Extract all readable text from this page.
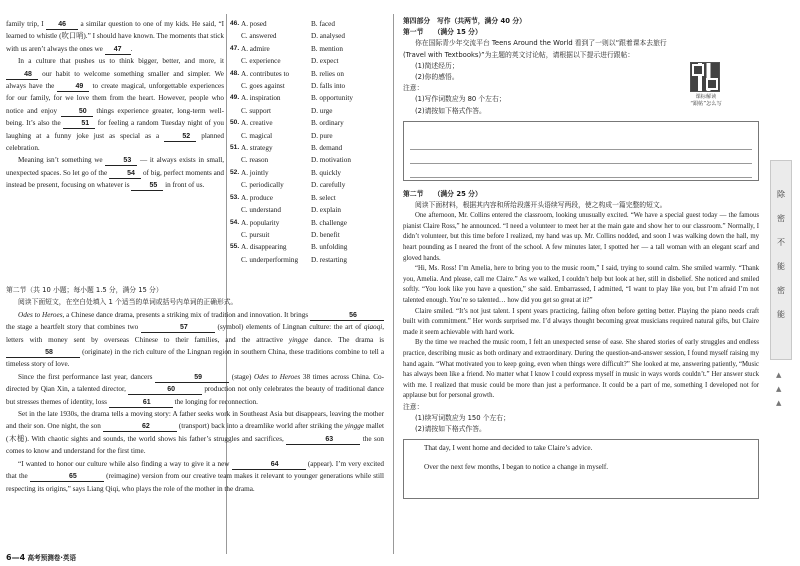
family trip, I 46 a similar question to one of my kids. He said, “I learned to whistle (吹口哨).” I should have known. The moments that stick with us aren’t always the ones we 47 .

In a culture that pushes us to think bigger, better, and more, it 48 our habit to welcome something smaller and simpler. We always have the	49 to create magical, unforgettable experiences for our family, for we love them from the heart. However, people who notice and enjoy	50 things experience greater, long-term well-being. It’s also the	51 for feeling a random Tuesday night of you laughing at a funny joke just as special as a	52 planned celebration.

Meaning isn’t something we	53 — it always exists in small, unexpected spaces. So let go of the	54 of big, perfect moments and instead be present, focusing on whatever is	55 in front of us.

46. A. posed	B. faced
C. answered	D. analysed
47. A. admire	B. mention
C. experience	D. expect
48. A. contributes to	B. relies on
C. goes against	D. falls into
49. A. inspiration	B. opportunity
C. support	D. urge
50. A. creative	B. ordinary
C. magical	D. pure
51. A. strategy	B. demand
C. reason	D. motivation
52. A. jointly	B. quickly
C. periodically	D. carefully
53. A. produce	B. select
C. understand	D. explain
54. A. popularity	B. challenge
C. pursuit	D. benefit
55. A. disappearing	B. unfolding
C. underperforming	D. restarting
第二节（共 10 小题；每小题 1.5 分，满分 15 分）
阅读下面短文，在空白处填入 1 个适当的单词或括号内单词的正确形式。

Odes to Heroes, a Chinese dance drama, presents a striking mix of tradition and innovation. It brings	56 the stage a heartfelt story that combines two	57	(symbol) elements of Lingnan culture: the art of qiaoqi, letters with money sent by overseas Chinese to their families, and the attractive yingge dance. The drama is 58	(originate) in the rich culture of the Lingnan region in southern China, these traditions combine to tell a timeless story of love.

Since the first performance last year, dancers	59	(stage) Odes to Heroes 38 times across China. Co-directed by Qian Xin, a talented director,	60	production not only celebrates the beauty of traditional dance but stresses themes of identity, loss	61	the longing for reconnection.

Set in the late 1930s, the drama tells a moving story: A father seeks work in Southeast Asia but disappears, leaving the mother and their son. One night, the son	62	(transport) back into a dreamlike world after striking the yingge mallet (木槌). With chaotic sights and sounds, the world shows his father’s struggles and sacrifices,	63	the son comes to know and understand for the first time.

“I wanted to honor our culture while also finding a way to give it a new	64	(appear). I’m very excited that the	65	(reimagine) version from our creative team makes it relevant to younger generations while still respecting its origins,” says Liang Qiqi, who plays the role of the mother in the drama.

第四部分　写作（共两节，满分 40 分）
第一节　　（满分 15 分）
你在国际青少年交流平台 Teens Around the World 看到了一则以“跟着课本去旅行 (Travel with Textbooks)”为主题的英文讨论帖，请根据以下提示进行跟帖：
(1)简述经历；
(2)你的感悟。
注意：
(1)写作词数应为 80 个左右；
(2)请按如下格式作答。
第二节　　（满分 25 分）
阅读下面材料，根据其内容和所给段落开头语续写两段，使之构成一篇完整的短文。

One afternoon, Mr. Collins entered the classroom, looking unusually excited. “We have a special guest today — the famous pianist Claire Ross,” he announced. “I need a volunteer to meet her at the main gate and show her to our classroom.” Normally, I didn’t volunteer, but this time before I realized, my hand was up. Mr. Collins nodded, and soon I was walking down the hall, my heart pounding as I neared the front of the school. A few minutes later, I spotted her — a tall woman with an elegant scarf and gloved hands.

“Hi, Ms. Ross! I’m Amelia, here to bring you to the music room,” I said, trying to sound calm. She smiled warmly. “Thank you, Amelia. And please, call me Claire.” As we walked, I couldn’t help but look at her, still in disbelief. She noticed and smiled softly. “You look like you have a question,” she said. Embarrassed, I admitted, “I want to play like you, but I’m afraid I’m not talented enough. You’re so talented… how did you get so great at it?”

Claire smiled. “It’s not just talent. I spent years practicing, failing often before getting better. Playing the piano needs craft built with commitment.” Her words surprised me. I’d always thought becoming great musicians required natural gifts, but Claire made it seem achievable with hard work.

By the time we reached the music room, I felt an unexpected sense of ease. She shared stories of early struggles and endless practice, describing music as both ordinary and extraordinary. During the question-and-answer session, I found myself raising my hand again. “What motivated you to keep going, even when things were difficult?” She looked at me, answering patiently, “Music has always been like a friend. No matter what I know I could express myself in music in ways words couldn’t.” Her answer stuck with me. I realized that music could be more than just a performance. It could be a part of me, something I developed not for applause but for personal growth.

注意：
(1)续写词数应为 150 个左右；
(2)请按如下格式作答。
That day, I went home and decided to take Claire’s advice.
Over the next few months, I began to notice a change in myself.
课标解读
“跟帖”怎么写
除密不能密能
▲
▲
▲
6—4 高考预测卷·英语
